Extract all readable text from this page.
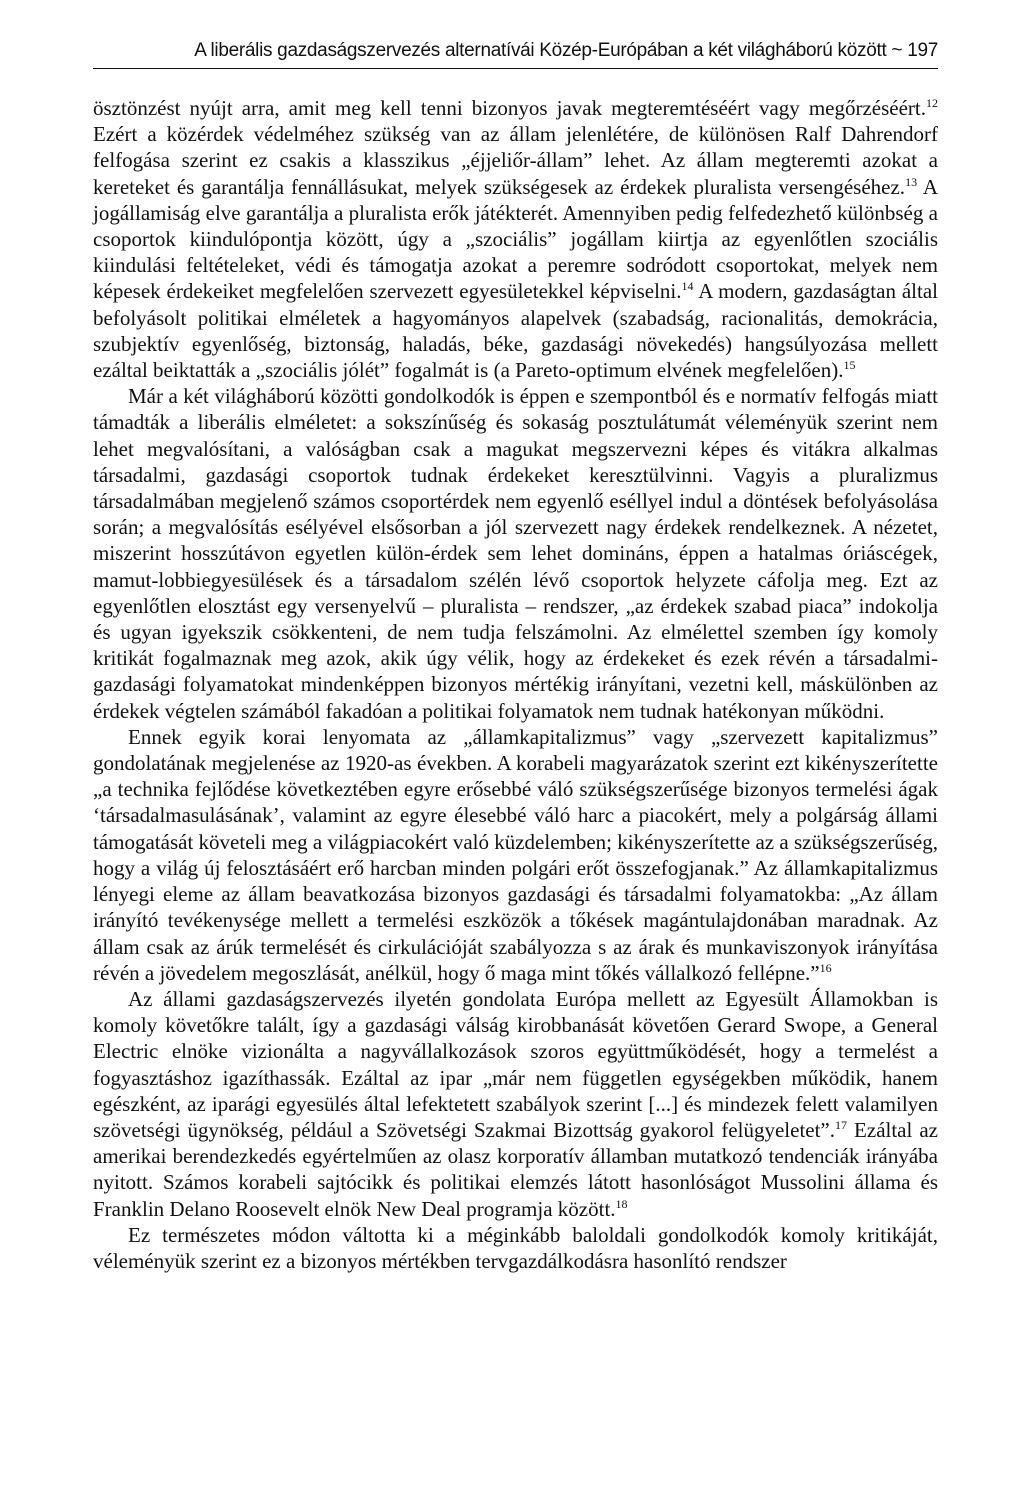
A liberális gazdaságszervezés alternatívái Közép-Európában a két világháború között ~ 197

ösztönzést nyújt arra, amit meg kell tenni bizonyos javak megteremtéséért vagy megőrzéséért.$^{12}$ Ezért a közérdek védelméhez szükség van az állam jelenlétére, de különösen Ralf Dahrendorf felfogása szerint ez csakis a klasszikus „éjjeliőr-állam” lehet. Az állam megteremti azokat a kereteket és garantálja fennállásukat, melyek szükségesek az érdekek pluralista versengéséhez.$^{13}$ A jogállamiság elve garantálja a pluralista erők játékterét. Amennyiben pedig felfedezhető különbség a csoportok kiindulópontja között, úgy a „szociális” jogállam kiirtja az egyenlőtlen szociális kiindulási feltételeket, védi és támogatja azokat a peremre sodródott csoportokat, melyek nem képesek érdekeiket megfelelően szervezett egyesületekkel képviselni.$^{14}$ A modern, gazdaságtan által befolyásolt politikai elméletek a hagyományos alapelvek (szabadság, racionalitás, demokrácia, szubjektív egyenlőség, biztonság, haladás, béke, gazdasági növekedés) hangsúlyozása mellett ezáltal beiktatták a „szociális jólét” fogalmát is (a Pareto-optimum elvének megfelelően).$^{15}$

Már a két világháború közötti gondolkodók is éppen e szempontból és e normatív felfogás miatt támadták a liberális elméletet: a sokszínűség és sokaság posztulátumát véleményük szerint nem lehet megvalósítani, a valóságban csak a magukat megszervezni képes és vitákra alkalmas társadalmi, gazdasági csoportok tudnak érdekeket keresztülvinni. Vagyis a pluralizmus társadalmában megjelenő számos csoportérdek nem egyenlő eséllyel indul a döntések befolyásolása során; a megvalósítás esélyével elsősorban a jól szervezett nagy érdekek rendelkeznek. A nézetet, miszerint hosszútávon egyetlen külön-érdek sem lehet domináns, éppen a hatalmas óriáscégek, mamut-lobbiegyesülések és a társadalom szélén lévő csoportok helyzete cáfolja meg. Ezt az egyenlőtlen elosztást egy versenyelvű – pluralista – rendszer, „az érdekek szabad piaca” indokolja és ugyan igyekszik csökkenteni, de nem tudja felszámolni. Az elmélettel szemben így komoly kritikát fogalmaznak meg azok, akik úgy vélik, hogy az érdekeket és ezek révén a társadalmi-gazdasági folyamatokat mindenképpen bizonyos mértékig irányítani, vezetni kell, máskülönben az érdekek végtelen számából fakadóan a politikai folyamatok nem tudnak hatékonyan működni.

Ennek egyik korai lenyomata az „államkapitalizmus” vagy „szervezett kapitalizmus” gondolatának megjelenése az 1920-as években. A korabeli magyarázatok szerint ezt kikényszerítette „a technika fejlődése következtében egyre erősebbé váló szükségszerűsége bizonyos termelési ágak ‘társadalmasulásának’, valamint az egyre élesebbé váló harc a piacokért, mely a polgárság állami támogatását követeli meg a világpiacokért való küzdelemben; kikényszerítette az a szükségszerűség, hogy a világ új felosztásáért erő harcban minden polgári erőt összefogjanak.” Az államkapitalizmus lényegi eleme az állam beavatkozása bizonyos gazdasági és társadalmi folyamatokba: „Az állam irányító tevékenysége mellett a termelési eszközök a tőkések magántulajdonában maradnak. Az állam csak az árúk termelését és cirkulációját szabályozza s az árak és munkaviszonyok irányítása révén a jövedelem megoszlását, anélkül, hogy ő maga mint tőkés vállalkozó fellépne.”$^{16}$

Az állami gazdaságszervezés ilyetén gondolata Európa mellett az Egyesült Államokban is komoly követőkre talált, így a gazdasági válság kirobbanását követően Gerard Swope, a General Electric elnöke vizionálta a nagyvállalkozások szoros együttműködését, hogy a termelést a fogyasztáshoz igazíthassák. Ezáltal az ipar „már nem független egységekben működik, hanem egészként, az iparági egyesülés által lefektetett szabályok szerint [...] és mindezek felett valamilyen szövetségi ügynökség, például a Szövetségi Szakmai Bizottság gyakorol felügyeletet”.$^{17}$ Ezáltal az amerikai berendezkedés egyértelműen az olasz korporatív államban mutatkozó tendenciák irányába nyitott. Számos korabeli sajtócikk és politikai elemzés látott hasonlóságot Mussolini állama és Franklin Delano Roosevelt elnök New Deal programja között.$^{18}$

Ez természetes módon váltotta ki a méginkább baloldali gondolkodók komoly kritikáját, véleményük szerint ez a bizonyos mértékben tervgazdálkodásra hasonlító rendszer
